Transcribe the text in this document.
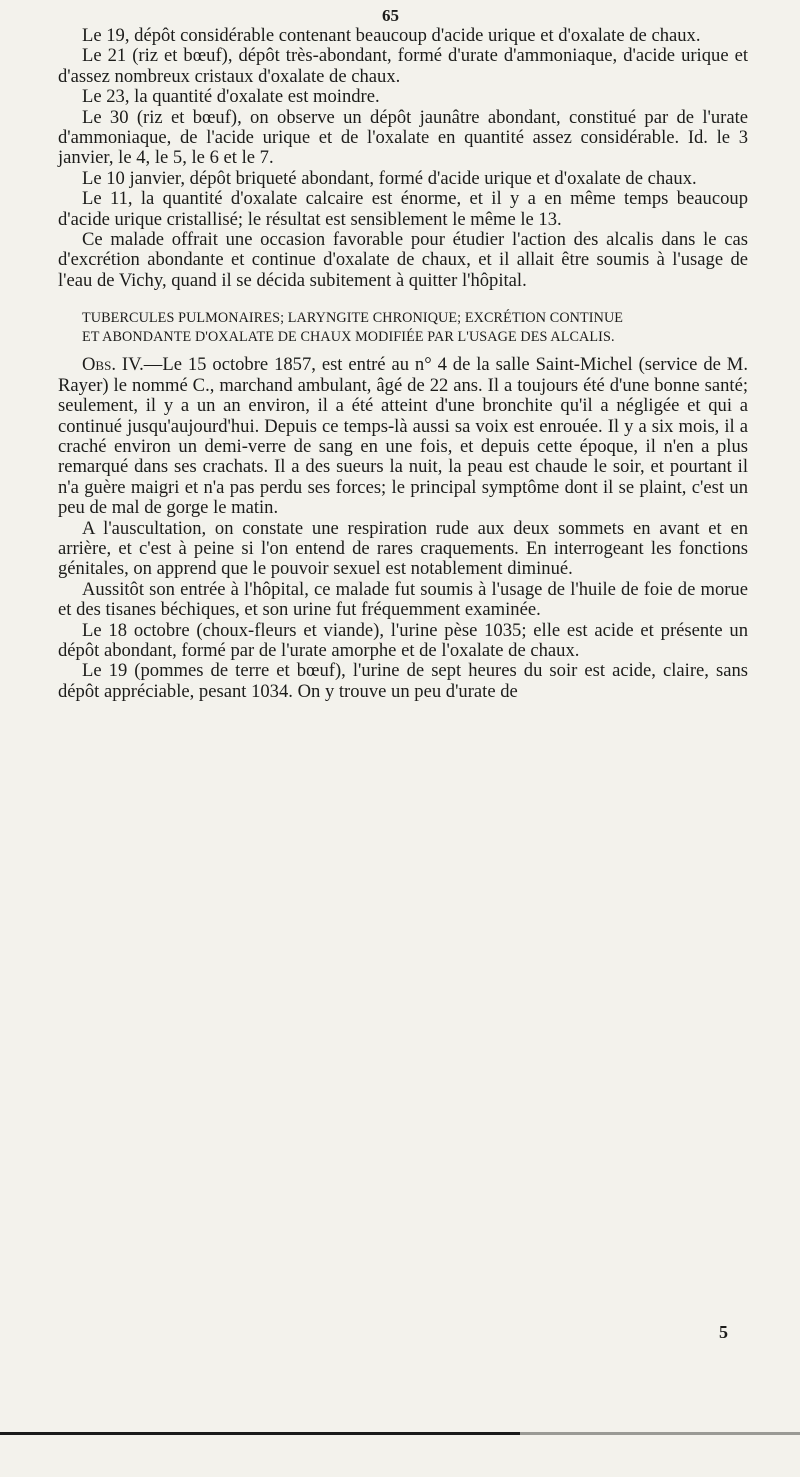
65

Le 19, dépôt considérable contenant beaucoup d'acide urique et d'oxalate de chaux.

Le 21 (riz et bœuf), dépôt très-abondant, formé d'urate d'ammoniaque, d'acide urique et d'assez nombreux cristaux d'oxalate de chaux.

Le 23, la quantité d'oxalate est moindre.

Le 30 (riz et bœuf), on observe un dépôt jaunâtre abondant, constitué par de l'urate d'ammoniaque, de l'acide urique et de l'oxalate en quantité assez considérable. Id. le 3 janvier, le 4, le 5, le 6 et le 7.

Le 10 janvier, dépôt briqueté abondant, formé d'acide urique et d'oxalate de chaux.

Le 11, la quantité d'oxalate calcaire est énorme, et il y a en même temps beaucoup d'acide urique cristallisé; le résultat est sensiblement le même le 13.

Ce malade offrait une occasion favorable pour étudier l'action des alcalis dans le cas d'excrétion abondante et continue d'oxalate de chaux, et il allait être soumis à l'usage de l'eau de Vichy, quand il se décida subitement à quitter l'hôpital.

TUBERCULES PULMONAIRES; LARYNGITE CHRONIQUE; EXCRÉTION CONTINUE
ET ABONDANTE D'OXALATE DE CHAUX MODIFIÉE PAR L'USAGE DES ALCALIS.

Obs. IV.—Le 15 octobre 1857, est entré au n° 4 de la salle Saint-Michel (service de M. Rayer) le nommé C., marchand ambulant, âgé de 22 ans. Il a toujours été d'une bonne santé; seulement, il y a un an environ, il a été atteint d'une bronchite qu'il a négligée et qui a continué jusqu'aujourd'hui. Depuis ce temps-là aussi sa voix est enrouée. Il y a six mois, il a craché environ un demi-verre de sang en une fois, et depuis cette époque, il n'en a plus remarqué dans ses crachats. Il a des sueurs la nuit, la peau est chaude le soir, et pourtant il n'a guère maigri et n'a pas perdu ses forces; le principal symptôme dont il se plaint, c'est un peu de mal de gorge le matin.

A l'auscultation, on constate une respiration rude aux deux sommets en avant et en arrière, et c'est à peine si l'on entend de rares craquements. En interrogeant les fonctions génitales, on apprend que le pouvoir sexuel est notablement diminué.

Aussitôt son entrée à l'hôpital, ce malade fut soumis à l'usage de l'huile de foie de morue et des tisanes béchiques, et son urine fut fréquemment examinée.

Le 18 octobre (choux-fleurs et viande), l'urine pèse 1035; elle est acide et présente un dépôt abondant, formé par de l'urate amorphe et de l'oxalate de chaux.

Le 19 (pommes de terre et bœuf), l'urine de sept heures du soir est acide, claire, sans dépôt appréciable, pesant 1034. On y trouve un peu d'urate de

5
